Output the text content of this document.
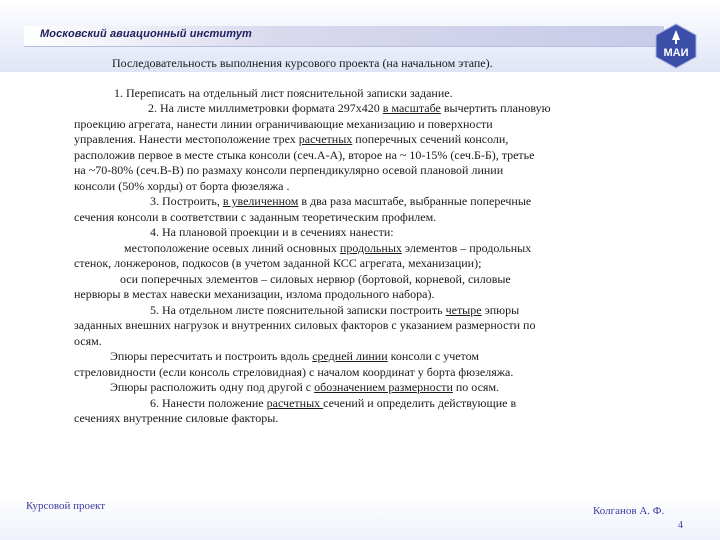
Московский авиационный институт
МАИ
Последовательность выполнения курсового проекта (на начальном этапе).
1. Переписать на отдельный лист пояснительной записки задание.
2. На листе миллиметровки формата 297х420 в масштабе вычертить плановую
проекцию агрегата, нанести линии ограничивающие механизацию и поверхности
управления. Нанести местоположение трех расчетных поперечных сечений консоли,
расположив первое в месте стыка консоли (сеч.А-А), второе на ~ 10-15% (сеч.Б-Б), третье
на ~70-80% (сеч.В-В) по размаху консоли перпендикулярно осевой плановой линии
консоли (50% хорды) от борта фюзеляжа .
3. Построить, в увеличенном в два раза масштабе, выбранные поперечные
сечения консоли в соответствии с заданным теоретическим профилем.
4. На плановой проекции и в сечениях нанести:
местоположение осевых линий основных продольных элементов – продольных
стенок, лонжеронов, подкосов (в учетом заданной КСС агрегата, механизации);
оси поперечных элементов – силовых нервюр (бортовой, корневой, силовые
нервюры в местах навески механизации, излома продольного набора).
5. На отдельном листе пояснительной записки построить четыре эпюры
заданных внешних нагрузок и внутренних силовых факторов с указанием размерности по
осям.
Эпюры пересчитать и построить вдоль средней линии консоли с учетом
стреловидности (если консоль стреловидная) с началом координат у борта фюзеляжа.
Эпюры расположить одну под другой с обозначением размерности по осям.
6. Нанести положение расчетных сечений и определить действующие в
сечениях внутренние силовые факторы.
Курсовой проект	Колганов А. Ф.
4
